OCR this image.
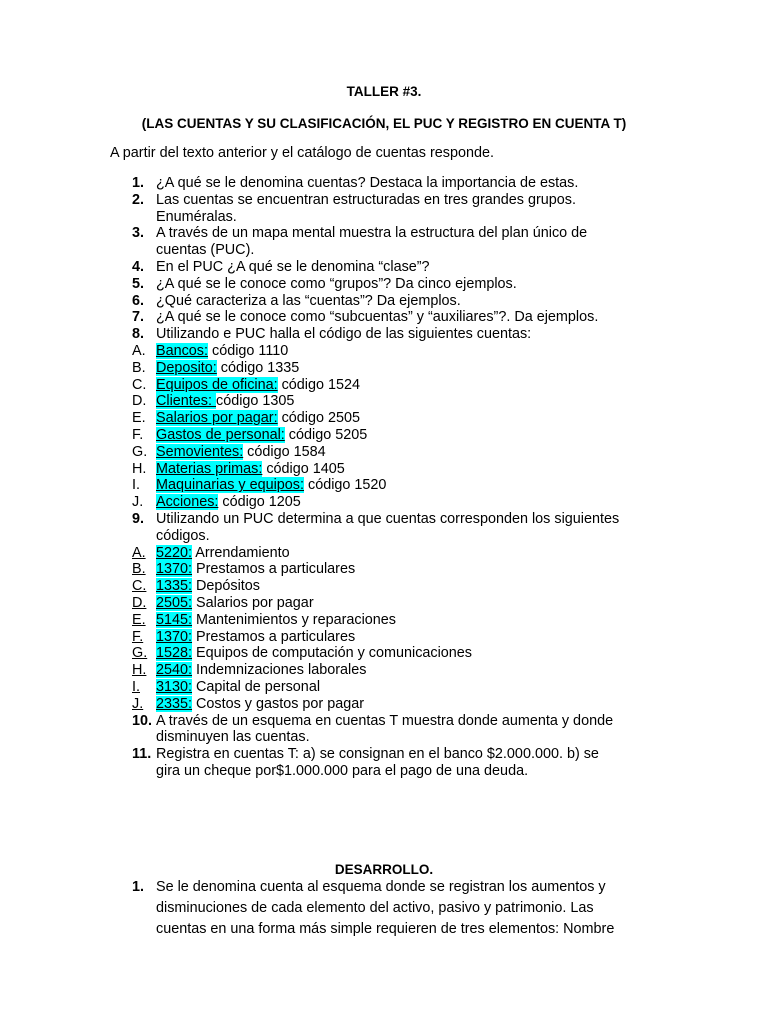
TALLER #3.
(LAS CUENTAS Y SU CLASIFICACIÓN, EL PUC Y REGISTRO EN CUENTA T)
A partir del texto anterior y el catálogo de cuentas responde.
1. ¿A qué se le denomina cuentas? Destaca la importancia de estas.
2. Las cuentas se encuentran estructuradas en tres grandes grupos.
Enuméralas.
3. A través de un mapa mental muestra la estructura del plan único de
cuentas (PUC).
4. En el PUC ¿A qué se le denomina “clase”?
5. ¿A qué se le conoce como “grupos”? Da cinco ejemplos.
6. ¿Qué caracteriza a las “cuentas”? Da ejemplos.
7. ¿A qué se le conoce como “subcuentas” y “auxiliares”?. Da ejemplos.
8. Utilizando e PUC halla el código de las siguientes cuentas:
A. Bancos: código 1110
B. Deposito: código 1335
C. Equipos de oficina: código 1524
D. Clientes: código 1305
E. Salarios por pagar: código 2505
F. Gastos de personal: código 5205
G. Semovientes: código 1584
H. Materias primas: código 1405
I. Maquinarias y equipos: código 1520
J. Acciones: código 1205
9. Utilizando un PUC determina a que cuentas corresponden los siguientes
códigos.
A. 5220: Arrendamiento
B. 1370: Prestamos a particulares
C. 1335: Depósitos
D. 2505: Salarios por pagar
E. 5145: Mantenimientos y reparaciones
F. 1370: Prestamos a particulares
G. 1528: Equipos de computación y comunicaciones
H. 2540: Indemnizaciones laborales
I. 3130: Capital de personal
J. 2335: Costos y gastos por pagar
10. A través de un esquema en cuentas T muestra donde aumenta y donde
disminuyen las cuentas.
11. Registra en cuentas T: a) se consignan en el banco $2.000.000. b) se
gira un cheque por$1.000.000 para el pago de una deuda.
DESARROLLO.
1. Se le denomina cuenta al esquema donde se registran los aumentos y
disminuciones de cada elemento del activo, pasivo y patrimonio. Las
cuentas en una forma más simple requieren de tres elementos: Nombre
